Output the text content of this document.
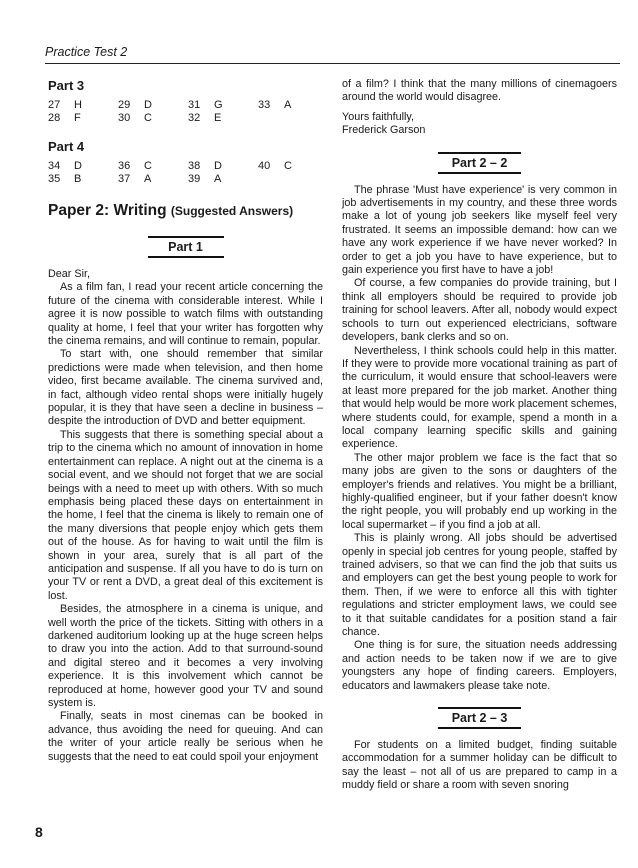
Practice Test 2
Part 3
27	H	29	D	31	G	33	A
28	F	30	C	32	E
Part 4
34	D	36	C	38	D	40	C
35	B	37	A	39	A
Paper 2: Writing (Suggested Answers)
Part 1

Dear Sir,

As a film fan, I read your recent article concerning the future of the cinema with considerable interest. While I agree it is now possible to watch films with outstanding quality at home, I feel that your writer has forgotten why the cinema remains, and will continue to remain, popular.

To start with, one should remember that similar predictions were made when television, and then home video, first became available. The cinema survived and, in fact, although video rental shops were initially hugely popular, it is they that have seen a decline in business – despite the introduction of DVD and better equipment.

This suggests that there is something special about a trip to the cinema which no amount of innovation in home entertainment can replace. A night out at the cinema is a social event, and we should not forget that we are social beings with a need to meet up with others. With so much emphasis being placed these days on entertainment in the home, I feel that the cinema is likely to remain one of the many diversions that people enjoy which gets them out of the house. As for having to wait until the film is shown in your area, surely that is all part of the anticipation and suspense. If all you have to do is turn on your TV or rent a DVD, a great deal of this excitement is lost.

Besides, the atmosphere in a cinema is unique, and well worth the price of the tickets. Sitting with others in a darkened auditorium looking up at the huge screen helps to draw you into the action. Add to that surround-sound and digital stereo and it becomes a very involving experience. It is this involvement which cannot be reproduced at home, however good your TV and sound system is.

Finally, seats in most cinemas can be booked in advance, thus avoiding the need for queuing. And can the writer of your article really be serious when he suggests that the need to eat could spoil your enjoyment

of a film? I think that the many millions of cinemagoers around the world would disagree.

Yours faithfully,

Frederick Garson

Part 2 – 2

The phrase 'Must have experience' is very common in job advertisements in my country, and these three words make a lot of young job seekers like myself feel very frustrated. It seems an impossible demand: how can we have any work experience if we have never worked? In order to get a job you have to have experience, but to gain experience you first have to have a job!

Of course, a few companies do provide training, but I think all employers should be required to provide job training for school leavers. After all, nobody would expect schools to turn out experienced electricians, software developers, bank clerks and so on.

Nevertheless, I think schools could help in this matter. If they were to provide more vocational training as part of the curriculum, it would ensure that school-leavers were at least more prepared for the job market. Another thing that would help would be more work placement schemes, where students could, for example, spend a month in a local company learning specific skills and gaining experience.

The other major problem we face is the fact that so many jobs are given to the sons or daughters of the employer's friends and relatives. You might be a brilliant, highly-qualified engineer, but if your father doesn't know the right people, you will probably end up working in the local supermarket – if you find a job at all.

This is plainly wrong. All jobs should be advertised openly in special job centres for young people, staffed by trained advisers, so that we can find the job that suits us and employers can get the best young people to work for them. Then, if we were to enforce all this with tighter regulations and stricter employment laws, we could see to it that suitable candidates for a position stand a fair chance.

One thing is for sure, the situation needs addressing and action needs to be taken now if we are to give youngsters any hope of finding careers. Employers, educators and lawmakers please take note.

Part 2 – 3

For students on a limited budget, finding suitable accommodation for a summer holiday can be difficult to say the least – not all of us are prepared to camp in a muddy field or share a room with seven snoring

8
